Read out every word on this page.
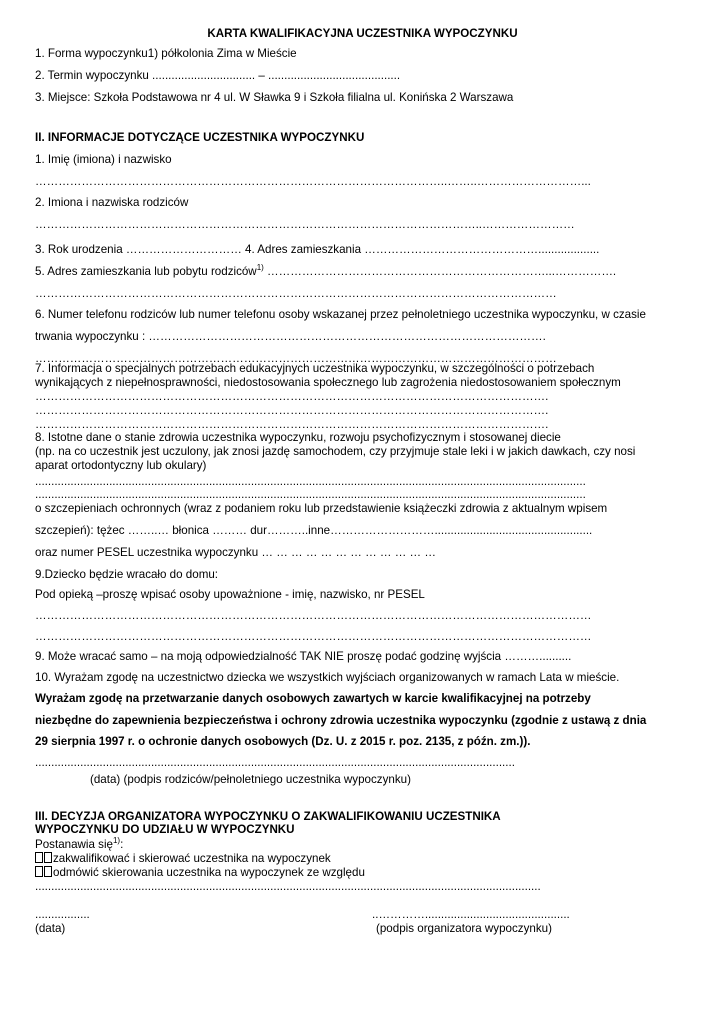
KARTA KWALIFIKACYJNA UCZESTNIKA WYPOCZYNKU
1. Forma wypoczynku1) półkolonia Zima w Mieście
2. Termin wypoczynku ................................ – .........................................
3. Miejsce: Szkoła Podstawowa nr 4 ul. W Sławka 9 i Szkoła filialna ul. Konińska 2 Warszawa
II. INFORMACJE DOTYCZĄCE UCZESTNIKA WYPOCZYNKU
1. Imię (imiona) i nazwisko
……………………………………………………………………………………………..……..………………………...
2. Imiona i nazwiska rodziców
……………………………………………………………………………………………………..……………………
3. Rok urodzenia ………………………… 4. Adres zamieszkania ………………………………………...................
5. Adres zamieszkania lub pobytu rodziców$^{1)}$ ………………………………………………………………...…………….
………………………………………………………………………………………………………………………
6. Numer telefonu rodziców lub numer telefonu osoby wskazanej przez pełnoletniego uczestnika wypoczynku, w czasie
trwania wypoczynku : ………………………………………………………………………………………….
………………………………………………………………………………………………………………………
7. Informacja o specjalnych potrzebach edukacyjnych uczestnika wypoczynku, w szczególności o potrzebach
wynikających z niepełnosprawności, niedostosowania społecznego lub zagrożenia niedostosowaniem społecznym
…………………………………………………………………………………………………………………….
…………………………………………………………………………………………………………………….
…………………………………………………………………………………………………………………….
8. Istotne dane o stanie zdrowia uczestnika wypoczynku, rozwoju psychofizycznym i stosowanej diecie
(np. na co uczestnik jest uczulony, jak znosi jazdę samochodem, czy przyjmuje stale leki i w jakich dawkach, czy nosi
aparat ortodontyczny lub okulary)
...........................................................................................................................................................................
...........................................................................................................................................................................
o szczepieniach ochronnych (wraz z podaniem roku lub przedstawienie książeczki zdrowia z aktualnym wpisem
szczepień): tężec ……..… błonica ……… dur………..inne……………………….................................................
oraz numer PESEL uczestnika wypoczynku … … … … … … … … … … … …
9.Dziecko będzie wracało do domu:
Pod opieką –proszę wpisać osoby upoważnione - imię, nazwisko, nr PESEL
………………………………………………………………………………………………………………………………
………………………………………………………………………………………………………………………………
9. Może wracać samo – na moją odpowiedzialność TAK NIE proszę podać godzinę wyjścia ………..........
10. Wyrażam zgodę na uczestnictwo dziecka we wszystkich wyjściach organizowanych w ramach Lata w mieście.
Wyrażam zgodę na przetwarzanie danych osobowych zawartych w karcie kwalifikacyjnej na potrzeby
niezbędne do zapewnienia bezpieczeństwa i ochrony zdrowia uczestnika wypoczynku (zgodnie z ustawą z dnia
29 sierpnia 1997 r. o ochronie danych osobowych (Dz. U. z 2015 r. poz. 2135, z późn. zm.)).
.....................................................................................................................................................
(data) (podpis rodziców/pełnoletniego uczestnika wypoczynku)
III. DECYZJA ORGANIZATORA WYPOCZYNKU O ZAKWALIFIKOWANIU UCZESTNIKA
WYPOCZYNKU DO UDZIAŁU W WYPOCZYNKU
Postanawia się$^{1)}$:
zakwalifikować i skierować uczestnika na wypoczynek
odmówić skierowania uczestnika na wypoczynek ze względu
.............................................................................................................................................................
.................	..………….............................................
(data)	(podpis organizatora wypoczynku)
